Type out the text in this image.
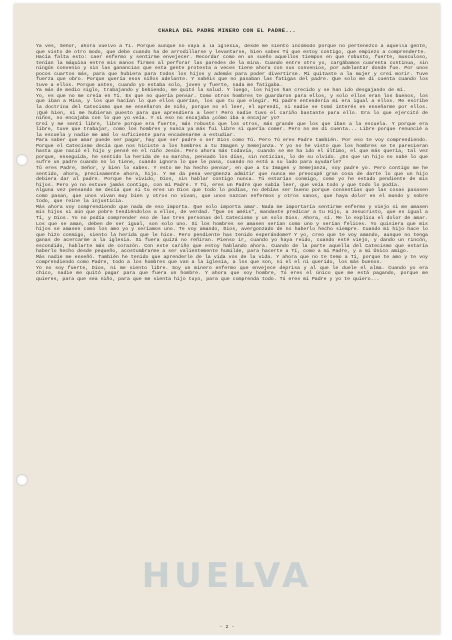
CHARLA DEL PADRE MINERO CON EL PADRE...

Ya ves, Señor, ahora vuelvo a Ti. Porque aunque no vaya a la iglesia, desde me siento incómodo porque no pertenezco a aquella gente, que visto de otro modo, que debe cuando ha de arrodillarse y levantarse, bien sabes Tú que estoy contigo, que empiezo a comprenderte.

Hacía falta esto: caer enfermo y sentirme envejecer. Recordar como en un sueño aquellos tiempos en que robusto, fuerte, musculoso, tenían la máquina entre mis manos firmes al perforar las paredes de la mina. Cuando entre otro yo, cargábamos cuarenta continua, sin ningún convenio y sin las ganancias que esta gente protesta a veces tiene ahora con sus convenios, por adelantar donde fue. Por unos pocos cuartos más, para que hubiera para todos los hijos y además para poder divertirse. Mi quitaste a la mujer y creí morir. Tuve fuerza que obro. Porque quería esos niños adelante. Y sabéis que no pasaban las fatigas del padre. Que solo me di cuenta cuando los tuve a ellos. Porque antes, cuando yo estaba solo, joven y fuerte, nada me fatigaba.

Ya más de medio siglo, trabajando y bebiendo, me quitó la salud. Y luego, los hijos han crecido y se han ido desgajando de mí.

Yo, es que no me creía en Tí. Es que no quería pensar. Como otros hombres te guardaron para ellos, y solo ellos eran los buenos, los que iban a Misa, y los que hacían lo que ellos querían, los que tu que elegir. Mi padre entendería mi era igual a ellos. Me escribe la doctrina del Catecismo que me enseñaron de niño, porque no el leer, el aprendí, ni nadie se tomó interés en enseñarme por ellos. ¡Qué bien, si me hubieran puesto para que aprendiera a leer! Pero nadie tuvo el cariño bastante para ello. Era lo que ejercitó de niños, no encajaba con lo que yo veía. Y si eso no encajaba ¿cómo iba a encajar yo?

Creí y me sentí libre, libre porque era fuerte, más robusto que los otros, más grande que los que iban a la escuela. Y porque era libre, tuve que trabajar, como los hombres y nunca ya más fui libre si quería comer. Pero no me di cuenta... Libre porque renuncié a la escuela y nadie me amó lo suficiente para encadenarme a estudiar.

Para saber que amar puede ser pagar, hay que ser padre o ser Dios como Tú. Pero Tú eres Padre también. Por eso te voy comprendiendo. Porque el Catecismo decía que nos hiciste a los hombres a tu Imagen y Semejanza. Y yo no he visto que los hombres se te parecieran hasta que nació el hijo y pensé en el niño Jesús. Pero ahora más todavía, cuando se me ha ido el último, el que más quería, tal vez porque, enseguida, he sentido la herida de su marcha, pensado los días, sin noticias, lo de su olvido. ¿Es que un hijo no sabe lo que sufre un padre cuando no lo tiene, cuando ignora lo que le pasa, cuando no está a su lado para ayudarle?

Tú eres Padre, Señor, y bien lo sabes. Y esto me ha hecho pensar, en que a tu Imagen y Semejanza, soy padre yo. Pero contigo me he sentido, ahora, precisamente ahora, hijo. Y me da pena vergüenza admitir que nunca me preocupé gran cosa de darte lo que un hijo debiera dar al padre. Porque he vivido, Dios, sin hablar contigo nunca. Tú estarías conmigo, como yo he estado pendiente de mis hijos. Pero yo no estuve jamás contigo, con mi Padre. Y Tú, eres un Padre que sabía leer, que veía todo y que todo lo podía.

Alguna vez pensando me decía que si tu eres un Dios que todo lo podías, no debías ser bueno porque consentías que las cosas pasasen como pasan, que unos vivan muy bien y otros no vivan, que unos nazcan enfermos y otros sanos, que haya dolor en el mundo y sobre todo, que reine la injusticia.

Más ahora voy comprendiendo que nada de eso importa. Que solo importa amar. Nada me importaría sentirme enfermo y viejo si me amasen mis hijos si aún que pobre tendiéndolos a ellos, de verdad. "Que os améis", mandaste predicar a tu Hijo, a Jesucristo, que es igual a Tí, y Dios. Yo no podía comprender eso de las tres personas del Catecismo y un solo Dios. Ahora, sí. Me lo explica el dolor de amar. Los que se aman, deben de ser igual, son solo uno. Si los hombres se amasen serían como uno y serían felices. Yo quisiera que mis hijos se amasen como los amo yo y seríamos uno. Te voy amando, Dios, avergonzado de no haberlo hecho siempre. Cuando mi hijo hace lo que hizo conmigo, siento la herida que le hice. Pero pendiente has tenido esperándome? Y yo, creo que te voy amando, aunque no tenga ganas de acercarme a la iglesia. Si fuera quizá no reñiran. Pienso ir, cuando yo haya reido, cuando esté viejo, y dando un rincón, escondido, hablarte más de corazón. Con este cariño que estoy hablando ahora. Cuando de la parte aquella del Catecismo que estaría haberlo hecho desde pequeño, acostumbrarme a ser valientemente humilde, para hacerte a Tí, como a mi Padre, y a mi Único amigo.

Más nadie me enseñó. También he tenido que aprenderle de la vida vos de la vida. Y ahora que no te temo a Tí, porque te amo y te voy comprendiendo como Padre, todo a los hombres que van a la iglesia, a los que son, ni el el ni querido, los más buenos.

Yo no soy fuerte, Dios, ni me siento libre. Soy un minero enfermo que envejece deprisa y al que le duele el alma. Cuando yo era chico, nadie me quitó pagar para que fuera un hombre. Y ahora que soy hombre, Tú eres el único que me está pagando, porque me quieres, para que sea niño, para que me sienta hijo tuyo, para que comprenda todo. Tú eres mi Padre y yo te quiero...

HUELVA
- 2 -
